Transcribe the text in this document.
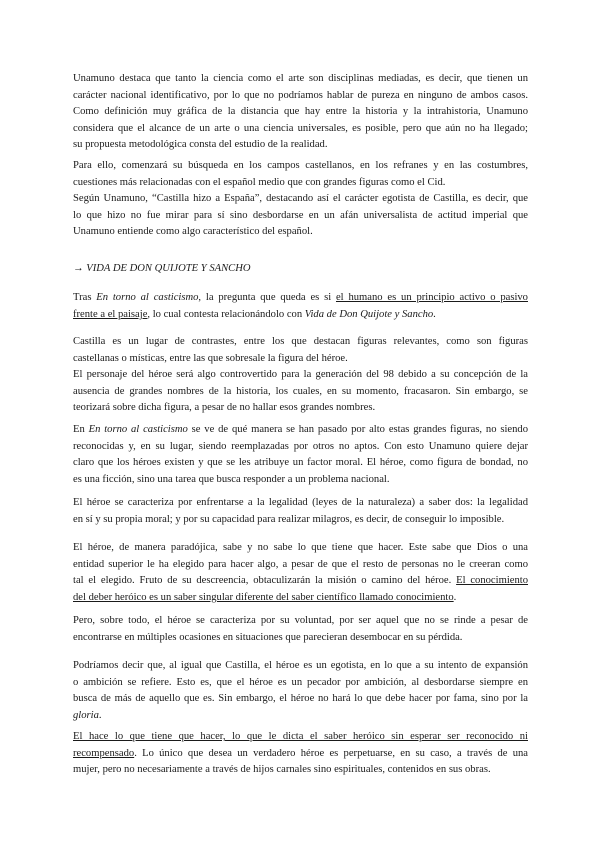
Unamuno destaca que tanto la ciencia como el arte son disciplinas mediadas, es decir, que tienen un
carácter nacional identificativo, por lo que no podríamos hablar de pureza en ninguno de ambos casos.
Como definición muy gráfica de la distancia que hay entre la historia y la intrahistoria, Unamuno
considera que el alcance de un arte o una ciencia universales, es posible, pero que aún no ha llegado;
su propuesta metodológica consta del estudio de la realidad.
Para ello, comenzará su búsqueda en los campos castellanos, en los refranes y en las costumbres,
cuestiones más relacionadas con el español medio que con grandes figuras como el Cid.
Según Unamuno, “Castilla hizo a España”, destacando así el carácter egotista de Castilla, es decir, que
lo que hizo no fue mirar para sí sino desbordarse en un afán universalista de actitud imperial que
Unamuno entiende como algo característico del español.
→ VIDA DE DON QUIJOTE Y SANCHO
Tras En torno al casticismo, la pregunta que queda es si el humano es un principio activo o pasivo
frente a el paisaje, lo cual contesta relacionándolo con Vida de Don Quijote y Sancho.
Castilla es un lugar de contrastes, entre los que destacan figuras relevantes, como son figuras
castellanas o místicas, entre las que sobresale la figura del héroe.
El personaje del héroe será algo controvertido para la generación del 98 debido a su concepción de la
ausencia de grandes nombres de la historia, los cuales, en su momento, fracasaron. Sin embargo, se
teorizará sobre dicha figura, a pesar de no hallar esos grandes nombres.
En En torno al casticismo se ve de qué manera se han pasado por alto estas grandes figuras, no siendo
reconocidas y, en su lugar, siendo reemplazadas por otros no aptos. Con esto Unamuno quiere dejar
claro que los héroes existen y que se les atribuye un factor moral. El héroe, como figura de bondad, no
es una ficción, sino una tarea que busca responder a un problema nacional.
El héroe se caracteriza por enfrentarse a la legalidad (leyes de la naturaleza) a saber dos: la legalidad
en sí y su propia moral; y por su capacidad para realizar milagros, es decir, de conseguir lo imposible.
El héroe, de manera paradójica, sabe y no sabe lo que tiene que hacer. Este sabe que Dios o una
entidad superior le ha elegido para hacer algo, a pesar de que el resto de personas no le creeran como
tal el elegido. Fruto de su descreencia, obtaculizarán la misión o camino del héroe. El conocimiento
del deber heróico es un saber singular diferente del saber científico llamado conocimiento.
Pero, sobre todo, el héroe se caracteriza por su voluntad, por ser aquel que no se rinde a pesar de
encontrarse en múltiples ocasiones en situaciones que parecieran desembocar en su pérdida.
Podríamos decir que, al igual que Castilla, el héroe es un egotista, en lo que a su intento de expansión
o ambición se refiere. Esto es, que el héroe es un pecador por ambición, al desbordarse siempre en
busca de más de aquello que es. Sin embargo, el héroe no hará lo que debe hacer por fama, sino por la
gloria.
El hace lo que tiene que hacer, lo que le dicta el saber heróico sin esperar ser reconocido ni
recompensado. Lo único que desea un verdadero héroe es perpetuarse, en su caso, a través de una
mujer, pero no necesariamente a través de hijos carnales sino espirituales, contenidos en sus obras.
